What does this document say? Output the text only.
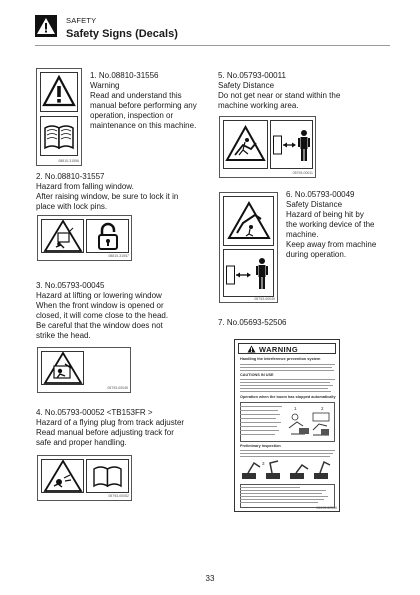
SAFETY
Safety Signs (Decals)
08810-31556
1. No.08810-31556
Warning
Read and understand this
manual before performing any
operation, inspection or
maintenance on this machine.
2. No.08810-31557
Hazard from falling window.
After raising window, be sure to lock it in
place with lock pins.
08810-31557
3. No.05793-00045
Hazard at lifting or lowering window
When the front window is opened or
closed, it will come close to the head.
Be careful that the window does not
strike the head.
05793-00045
4. No.05793-00052 <TB153FR >
Hazard of a flying plug from track adjuster
Read manual before adjusting track for
safe and proper handling.
05793-00052
5. No.05793-00011
Safety Distance
Do not get near or stand within the
machine working area.
05793-00011
05793-00049
6. No.05793-00049
Safety Distance
Hazard of being hit by
the working device of the
machine.
Keep away from machine
during operation.
7. No.05693-52506
WARNING
Handling the interference prevention system
CAUTIONS IN USE
Operation when the boom has stopped automatically
1	2
Preliminary Inspection
3
05693-52506
33
